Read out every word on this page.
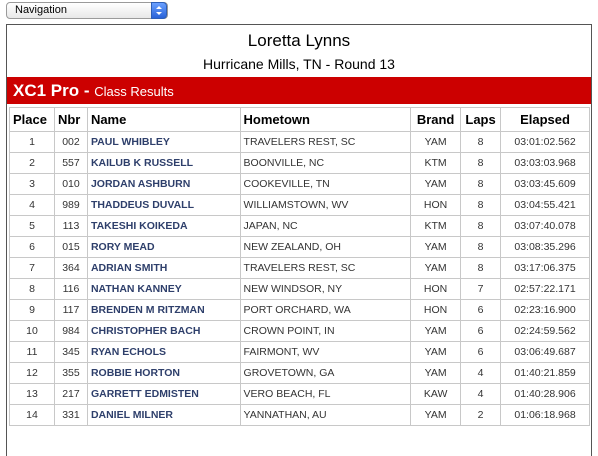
Navigation
Loretta Lynns
Hurricane Mills, TN - Round 13
XC1 Pro - Class Results
Place	Nbr	Name	Hometown	Brand	Laps	Elapsed
1	002	PAUL WHIBLEY	TRAVELERS REST, SC	YAM	8	03:01:02.562
2	557	KAILUB K RUSSELL	BOONVILLE, NC	KTM	8	03:03:03.968
3	010	JORDAN ASHBURN	COOKEVILLE, TN	YAM	8	03:03:45.609
4	989	THADDEUS DUVALL	WILLIAMSTOWN, WV	HON	8	03:04:55.421
5	113	TAKESHI KOIKEDA	JAPAN, NC	KTM	8	03:07:40.078
6	015	RORY MEAD	NEW ZEALAND, OH	YAM	8	03:08:35.296
7	364	ADRIAN SMITH	TRAVELERS REST, SC	YAM	8	03:17:06.375
8	116	NATHAN KANNEY	NEW WINDSOR, NY	HON	7	02:57:22.171
9	117	BRENDEN M RITZMAN	PORT ORCHARD, WA	HON	6	02:23:16.900
10	984	CHRISTOPHER BACH	CROWN POINT, IN	YAM	6	02:24:59.562
11	345	RYAN ECHOLS	FAIRMONT, WV	YAM	6	03:06:49.687
12	355	ROBBIE HORTON	GROVETOWN, GA	YAM	4	01:40:21.859
13	217	GARRETT EDMISTEN	VERO BEACH, FL	KAW	4	01:40:28.906
14	331	DANIEL MILNER	YANNATHAN, AU	YAM	2	01:06:18.968
